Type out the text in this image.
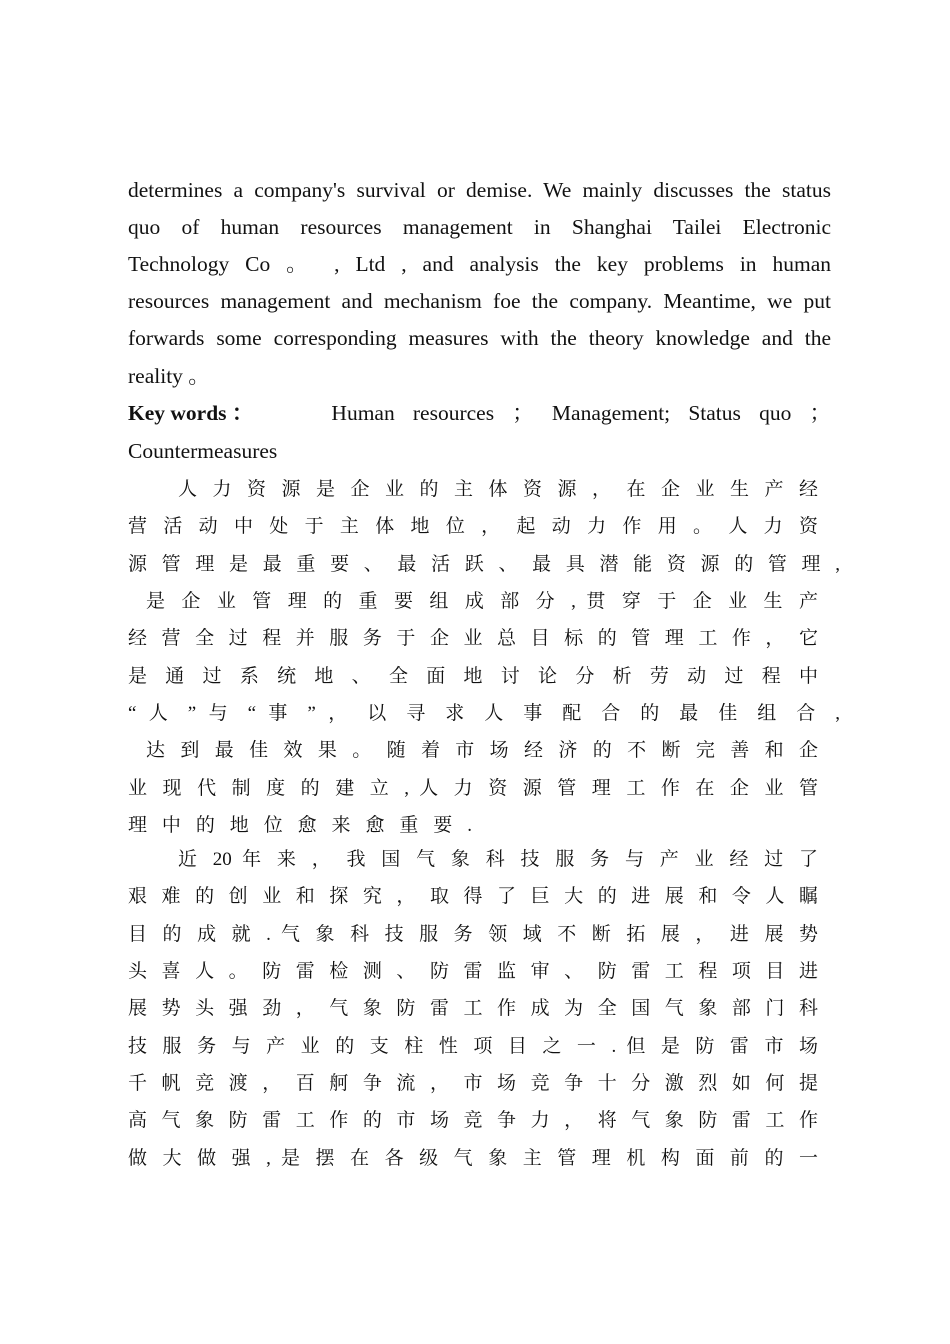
determines a company's survival or demise. We mainly discusses the status
quo of human resources management in Shanghai Tailei Electronic
Technology Co 。 , Ltd , and analysis the key problems in human
resources management and mechanism foe the company. Meantime, we put
forwards some corresponding measures with the theory knowledge and the
reality 。
Key words ：	Human resources ； Management; Status quo ；
Countermeasures
人 力 资 源 是 企 业 的 主 体 资 源 ， 在 企 业 生 产 经
营 活 动 中 处 于 主 体 地 位 ， 起 动 力 作 用 。 人 力 资
源 管 理 是 最 重 要 、 最 活 跃 、 最 具 潜 能 资 源 的 管 理 ,
是 企 业 管 理 的 重 要 组 成 部 分 , 贯 穿 于 企 业 生 产
经 营 全 过 程 并 服 务 于 企 业 总 目 标 的 管 理 工 作 ， 它
是 通 过 系 统 地 、 全 面 地 讨 论 分 析 劳 动 过 程 中
“ 人 ” 与 “ 事 ” ， 以 寻 求 人 事 配 合 的 最 佳 组 合 ,
达 到 最 佳 效 果 。 随 着 市 场 经 济 的 不 断 完 善 和 企
业 现 代 制 度 的 建 立 , 人 力 资 源 管 理 工 作 在 企 业 管
理 中 的 地 位 愈 来 愈 重 要 .
近 20 年 来 ， 我 国 气 象 科 技 服 务 与 产 业 经 过 了
艰 难 的 创 业 和 探 究 ， 取 得 了 巨 大 的 进 展 和 令 人 瞩
目 的 成 就 . 气 象 科 技 服 务 领 域 不 断 拓 展 ， 进 展 势
头 喜 人 。 防 雷 检 测 、 防 雷 监 审 、 防 雷 工 程 项 目 进
展 势 头 强 劲 ， 气 象 防 雷 工 作 成 为 全 国 气 象 部 门 科
技 服 务 与 产 业 的 支 柱 性 项 目 之 一 . 但 是 防 雷 市 场
千 帆 竞 渡 ， 百 舸 争 流 ， 市 场 竞 争 十 分 激 烈 如 何 提
高 气 象 防 雷 工 作 的 市 场 竞 争 力 ， 将 气 象 防 雷 工 作
做 大 做 强 , 是 摆 在 各 级 气 象 主 管 理 机 构 面 前 的 一
